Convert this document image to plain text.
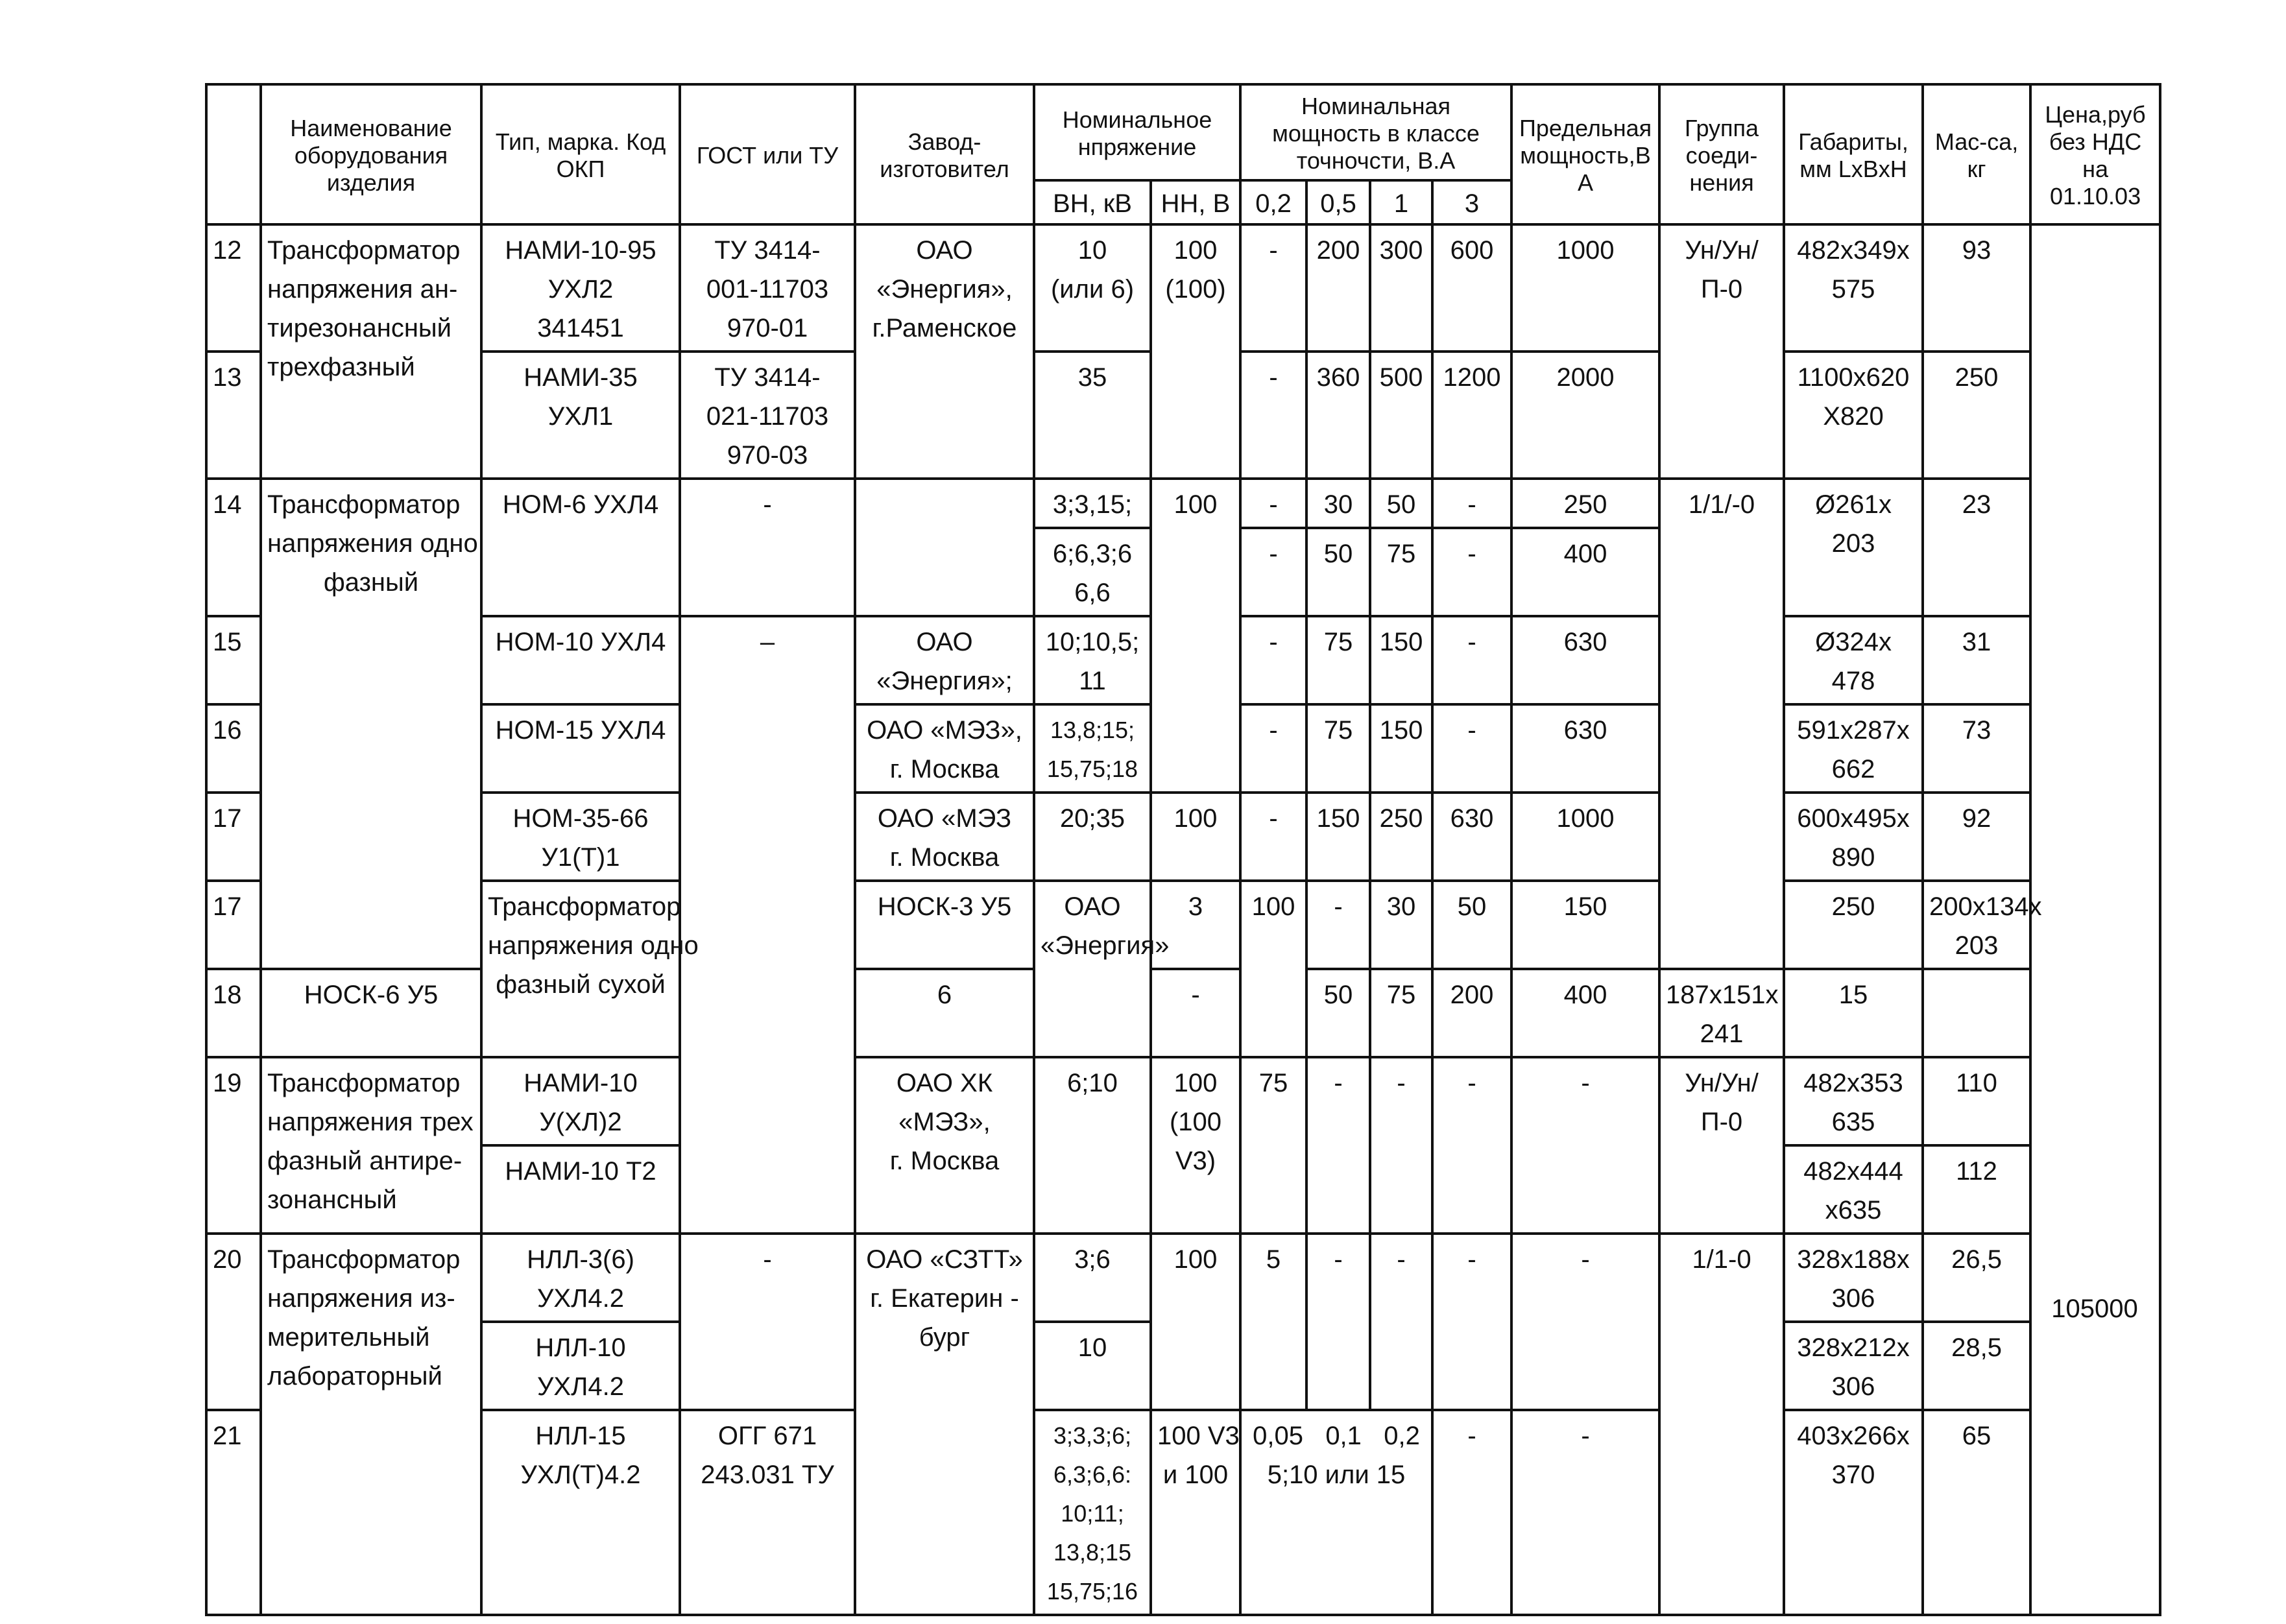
	Наименование оборудования изделия	Тип, марка. Код ОКП	ГОСТ или ТУ	Завод-изготовител	Номинальное нпряжение		Номинальная мощность в классе точночсти, В.А				Предельная мощность,ВА	Группа соеди-нения	Габариты, мм LxBxH	Мас-са, кг	Цена,руб без НДС на 01.10.03	
					ВН, кВ	НН, В	0,2	0,5	1	3						
12	Трансформатор
напряжения ан-
тирезонансный
трехфазный	НАМИ-10-95
УХЛ2
341451	ТУ 3414-
001-11703
970-01	ОАО
«Энергия»,
г.Раменское	10
(или 6)	100
(100)	-	200	300	600	1000	Ун/Ун/
П-0	482х349х
575	93		
13		НАМИ-35
УХЛ1	ТУ 3414-
021-11703
970-03		35		-	360	500	1200	2000		1100х620
Х820	250		
14	Трансформатор
напряжения одно
фазный	НОМ-6 УХЛ4	-		3;3,15;	100	-	30	50	-	250	1/1/-0	Ø261х
203	23		

					6;6,3;6
6,6		-	50	75	-	400					
15		НОМ-10 УХЛ4	–	ОАО
«Энергия»;	10;10,5;
11		-	75	150	-	630		Ø324х
478	31		
16		НОМ-15 УХЛ4		ОАО «МЭЗ»,
г. Москва	13,8;15;
15,75;18		-	75	150	-	630		591х287х
662	73		
17		НОМ-35-66
У1(Т)1		ОАО «МЭЗ
г. Москва	20;35	100	-	150	250	630	1000		600х495х
890	92		
17		Трансформатор
напряжения одно
фазный сухой		НОСК-3 У5	ОАО
«Энергия»	3	100	-	30	50	150		250	200х134х
203

18	НОСК-6 У5			6		-		50	75	200	400	187х151х
241	15			
19	Трансформатор
напряжения трех
фазный антире-
зонансный	НАМИ-10
У(ХЛ)2		ОАО ХК
«МЭЗ»,
г. Москва	6;10	100
(100
V3)	75	-	-	-	-	Ун/Ун/
П-0	482х353
635	110		
		НАМИ-10 Т2											482х444
х635	112		
20	Трансформатор
напряжения из-
мерительный
лабораторный	НЛЛ-3(6)
УХЛ4.2	-	ОАО «СЗТТ»
г. Екатерин -
бург	3;6	100	5	-	-	-	-	1/1-0	328х188х
306	26,5		

		НЛЛ-10
УХЛ4.2			10								328х212х
306	28,5		
21		НЛЛ-15
УХЛ(Т)4.2	ОГГ 671
243.031 ТУ		3;3,3;6;
6,3;6,6:
10;11;
13,8;15
15,75;16	100 V3
и 100	0,05 0,1 0,2
5;10 или 15			-	-		403х266х
370	65		
105000
